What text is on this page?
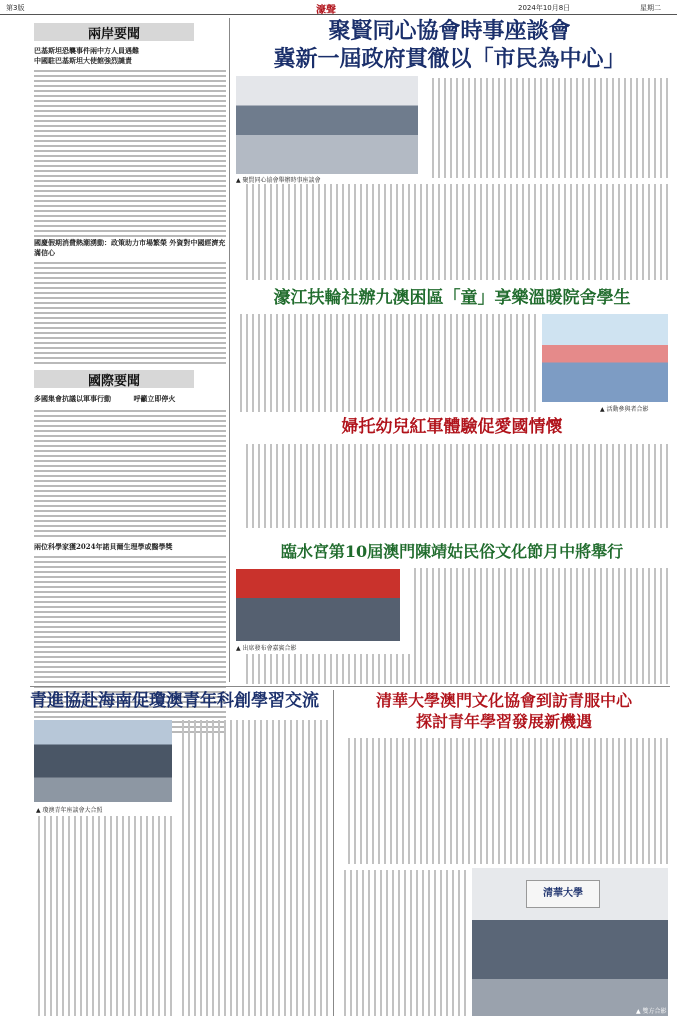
第3版	濠聲	2024年10月8日	星期二
兩岸要聞
巴基斯坦恐襲事件兩中方人員遇難
中國駐巴基斯坦大使館強烈譴責
國慶假期消費熱潮湧動：政策助力市場繁榮 外資對中國經濟充滿信心
國際要聞
多國集會抗議以軍事行動	呼籲立即停火
兩位科學家獲2024年諾貝爾生理學或醫學獎
聚賢同心協會時事座談會
冀新一屆政府貫徹以「市民為中心」
▲ 聚賢同心協會舉辦時事座談會
濠江扶輪社辦九澳困區「童」享樂溫暖院舍學生
▲ 活動參與者合影
婦托幼兒紅軍體驗促愛國情懷
臨水宮第10屆澳門陳靖姑民俗文化節月中將舉行
▲ 出席發布會嘉賓合影
青進協赴海南促瓊澳青年科創學習交流
▲ 瓊澳青年座談會大合照
清華大學澳門文化協會到訪青服中心
探討青年學習發展新機遇
清華大學
▲ 雙方合影
